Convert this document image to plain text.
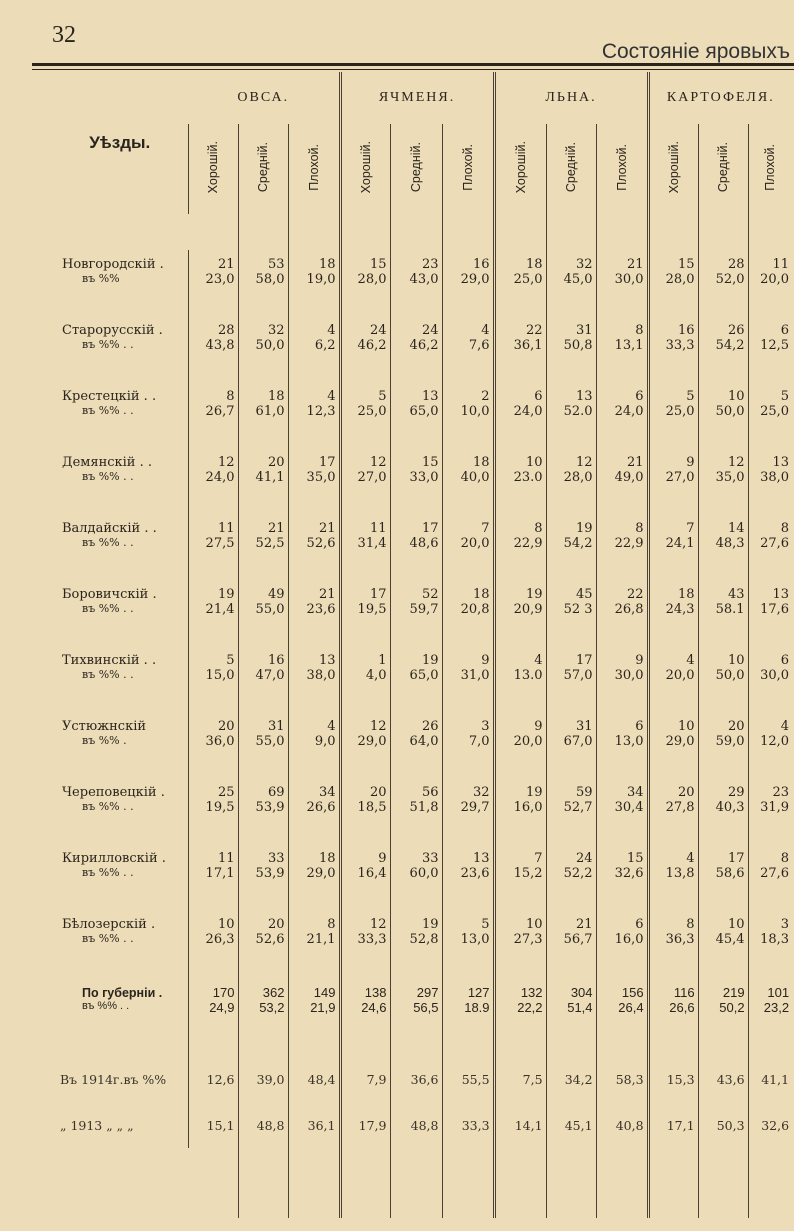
32
Состояніе яровыхъ
Уѣзды.	ОВСА.			ЯЧМЕНЯ.			ЛЬНА.			КАРТОФЕЛЯ.		
	Хорошій.	Средній.	Плохой.	Хорошій.	Средній.	Плохой.	Хорошій.	Средній.	Плохой.	Хорошій.	Средній.	Плохой.

Новгородскій .	21	53	18	15	23	16	18	32	21	15	28	11
въ %%	23,0	58,0	19,0	28,0	43,0	29,0	25,0	45,0	30,0	28,0	52,0	20,0
Старорусскій .	28	32	4	24	24	4	22	31	8	16	26	6
въ %% . .	43,8	50,0	6,2	46,2	46,2	7,6	36,1	50,8	13,1	33,3	54,2	12,5
Крестецкій . .	8	18	4	5	13	2	6	13	6	5	10	5
въ %% . .	26,7	61,0	12,3	25,0	65,0	10,0	24,0	52.0	24,0	25,0	50,0	25,0
Демянскій . .	12	20	17	12	15	18	10	12	21	9	12	13
въ %% . .	24,0	41,1	35,0	27,0	33,0	40,0	23.0	28,0	49,0	27,0	35,0	38,0
Валдайскій . .	11	21	21	11	17	7	8	19	8	7	14	8
въ %% . .	27,5	52,5	52,6	31,4	48,6	20,0	22,9	54,2	22,9	24,1	48,3	27,6
Боровичскій .	19	49	21	17	52	18	19	45	22	18	43	13
въ %% . .	21,4	55,0	23,6	19,5	59,7	20,8	20,9	52 3	26,8	24,3	58.1	17,6
Тихвинскій . .	5	16	13	1	19	9	4	17	9	4	10	6
въ %% . .	15,0	47,0	38,0	4,0	65,0	31,0	13.0	57,0	30,0	20,0	50,0	30,0
Устюжнскій	20	31	4	12	26	3	9	31	6	10	20	4
въ %% .	36,0	55,0	9,0	29,0	64,0	7,0	20,0	67,0	13,0	29,0	59,0	12,0
Череповецкій .	25	69	34	20	56	32	19	59	34	20	29	23
въ %% . .	19,5	53,9	26,6	18,5	51,8	29,7	16,0	52,7	30,4	27,8	40,3	31,9
Кирилловскій .	11	33	18	9	33	13	7	24	15	4	17	8
въ %% . .	17,1	53,9	29,0	16,4	60,0	23,6	15,2	52,2	32,6	13,8	58,6	27,6
Бѣлозерскій .	10	20	8	12	19	5	10	21	6	8	10	3
въ %% . .	26,3	52,6	21,1	33,3	52,8	13,0	27,3	56,7	16,0	36,3	45,4	18,3
По губерніи .	170	362	149	138	297	127	132	304	156	116	219	101
въ %% . .	24,9	53,2	21,9	24,6	56,5	18.9	22,2	51,4	26,4	26,6	50,2	23,2
Въ 1914г.въ %%	12,6	39,0	48,4	7,9	36,6	55,5	7,5	34,2	58,3	15,3	43,6	41,1
„ 1913 „ „ „	15,1	48,8	36,1	17,9	48,8	33,3	14,1	45,1	40,8	17,1	50,3	32,6
